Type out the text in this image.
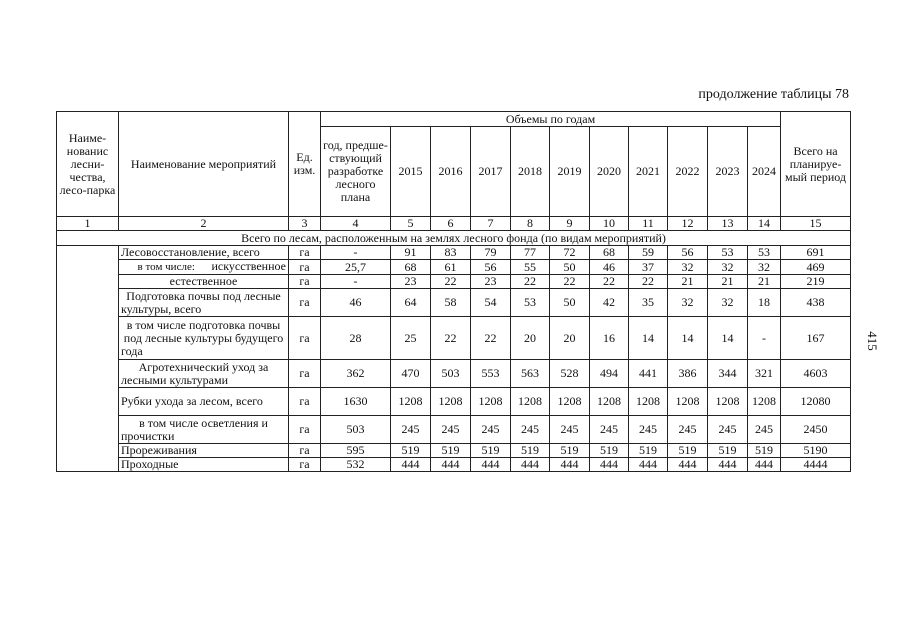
продолжение таблицы 78
415
Наиме-нованис лесни-чества, лесо-парка	Наименование мероприятий	Ед. изм.	Объемы по годам											Всего на планируе-мый период
			год, предше-ствующий разработке лесного плана	2015	2016	2017	2018	2019	2020	2021	2022	2023	2024	
1	2	3	4	5	6	7	8	9	10	11	12	13	14	15
Всего по лесам, расположенным на землях лесного фонда (по видам мероприятий)														
	Лесовосстановление, всего	га	-	91	83	79	77	72	68	59	56	53	53	691
	в том числе: искусственное	га	25,7	68	61	56	55	50	46	37	32	32	32	469
	естественное	га	-	23	22	23	22	22	22	22	21	21	21	219
	Подготовка почвы под лесные культуры, всего	га	46	64	58	54	53	50	42	35	32	32	18	438
	в том числе подготовка почвы под лесные культуры будущего года	га	28	25	22	22	20	20	16	14	14	14	-	167
	Агротехнический уход за лесными культурами	га	362	470	503	553	563	528	494	441	386	344	321	4603
	Рубки ухода за лесом, всего	га	1630	1208	1208	1208	1208	1208	1208	1208	1208	1208	1208	12080
	в том числе осветления и прочистки	га	503	245	245	245	245	245	245	245	245	245	245	2450
	Прореживания	га	595	519	519	519	519	519	519	519	519	519	519	5190
	Проходные	га	532	444	444	444	444	444	444	444	444	444	444	4444
